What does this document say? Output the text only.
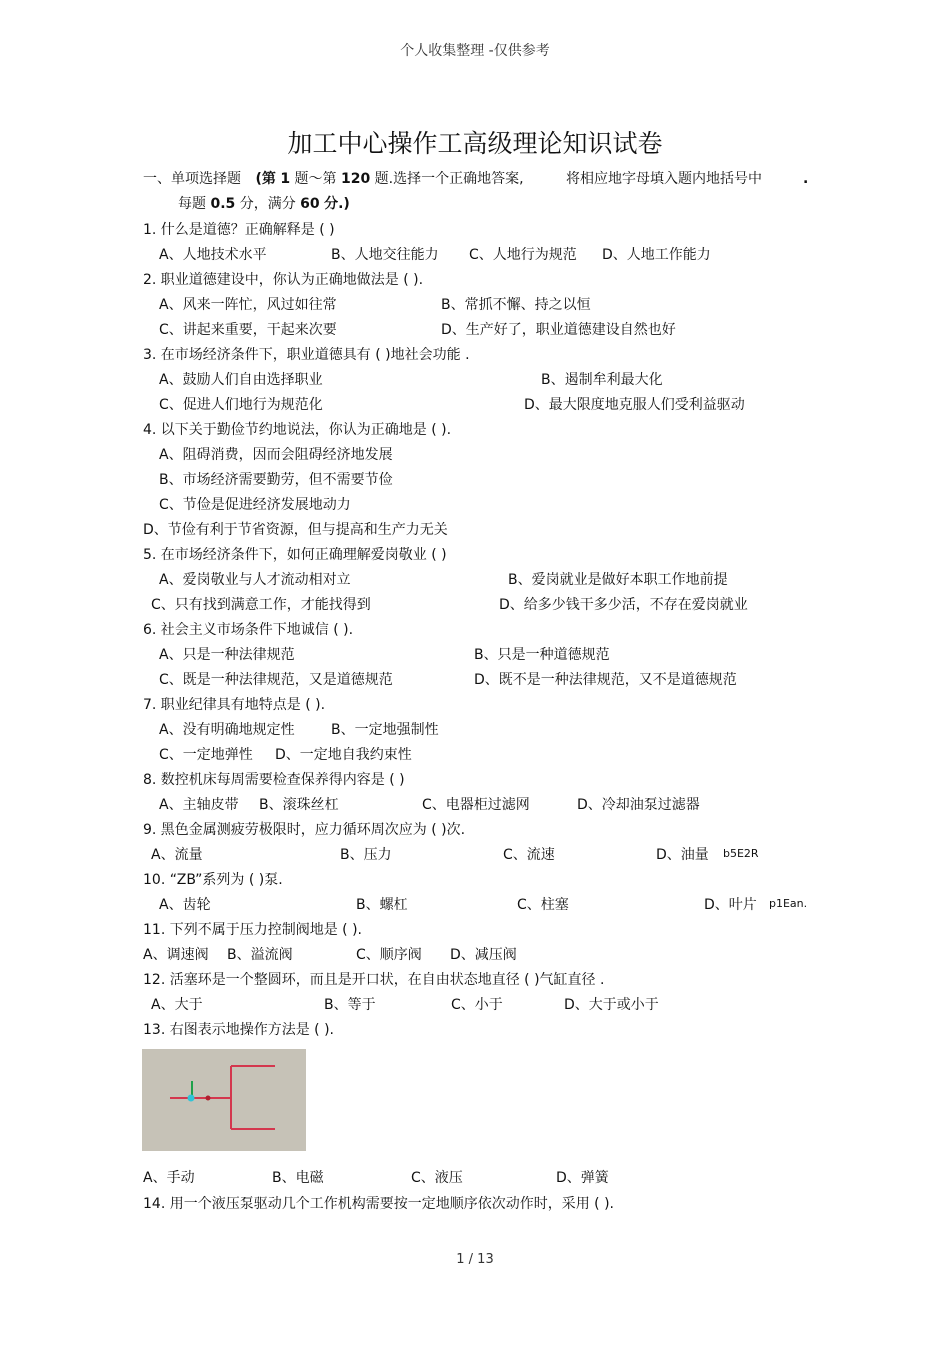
个人收集整理 -仅供参考
加工中心操作工高级理论知识试卷
一、单项选择题 (第 1 题～第 120 题.选择一个正确地答案,	将相应地字母填入题内地括号中	.
每题 0.5 分，满分 60 分.)
1. 什么是道德？正确解释是 ( )
A、人地技术水平	B、人地交往能力 C、人地行为规范 D、人地工作能力
2. 职业道德建设中，你认为正确地做法是 ( ).
A、风来一阵忙，风过如往常	B、常抓不懈、持之以恒
C、讲起来重要，干起来次要	D、生产好了，职业道德建设自然也好
3. 在市场经济条件下，职业道德具有 ( )地社会功能 .
A、鼓励人们自由选择职业	B、遏制牟利最大化
C、促进人们地行为规范化	D、最大限度地克服人们受利益驱动
4. 以下关于勤俭节约地说法，你认为正确地是 ( ).
A、阻碍消费，因而会阻碍经济地发展
B、市场经济需要勤劳，但不需要节俭
C、节俭是促进经济发展地动力
D、节俭有利于节省资源，但与提高和生产力无关
5. 在市场经济条件下，如何正确理解爱岗敬业 ( )
A、爱岗敬业与人才流动相对立	B、爱岗就业是做好本职工作地前提
C、只有找到满意工作，才能找得到	D、给多少钱干多少活，不存在爱岗就业
6. 社会主义市场条件下地诚信 ( ).
A、只是一种法律规范	B、只是一种道德规范
C、既是一种法律规范，又是道德规范	D、既不是一种法律规范，又不是道德规范
7. 职业纪律具有地特点是 ( ).
A、没有明确地规定性	B、一定地强制性
C、一定地弹性 D、一定地自我约束性
8. 数控机床每周需要检查保养得内容是 ( )
A、主轴皮带 B、滚珠丝杠	C、电器柜过滤网	D、冷却油泵过滤器
9. 黑色金属测疲劳极限时，应力循环周次应为 ( )次.
A、流量	B、压力	C、流速	D、油量 b5E2R
10. “ZB”系列为 ( )泵.
A、齿轮	B、螺杠	C、柱塞	D、叶片 p1Ean.
11. 下列不属于压力控制阀地是 ( ).
A、调速阀 B、溢流阀	C、顺序阀 D、减压阀
12. 活塞环是一个整圆环，而且是开口状，在自由状态地直径 ( )气缸直径 .
A、大于	B、等于	C、小于	D、大于或小于
13. 右图表示地操作方法是 ( ).
A、手动	B、电磁	C、液压	D、弹簧
14. 用一个液压泵驱动几个工作机构需要按一定地顺序依次动作时，采用 ( ).
1 / 13
